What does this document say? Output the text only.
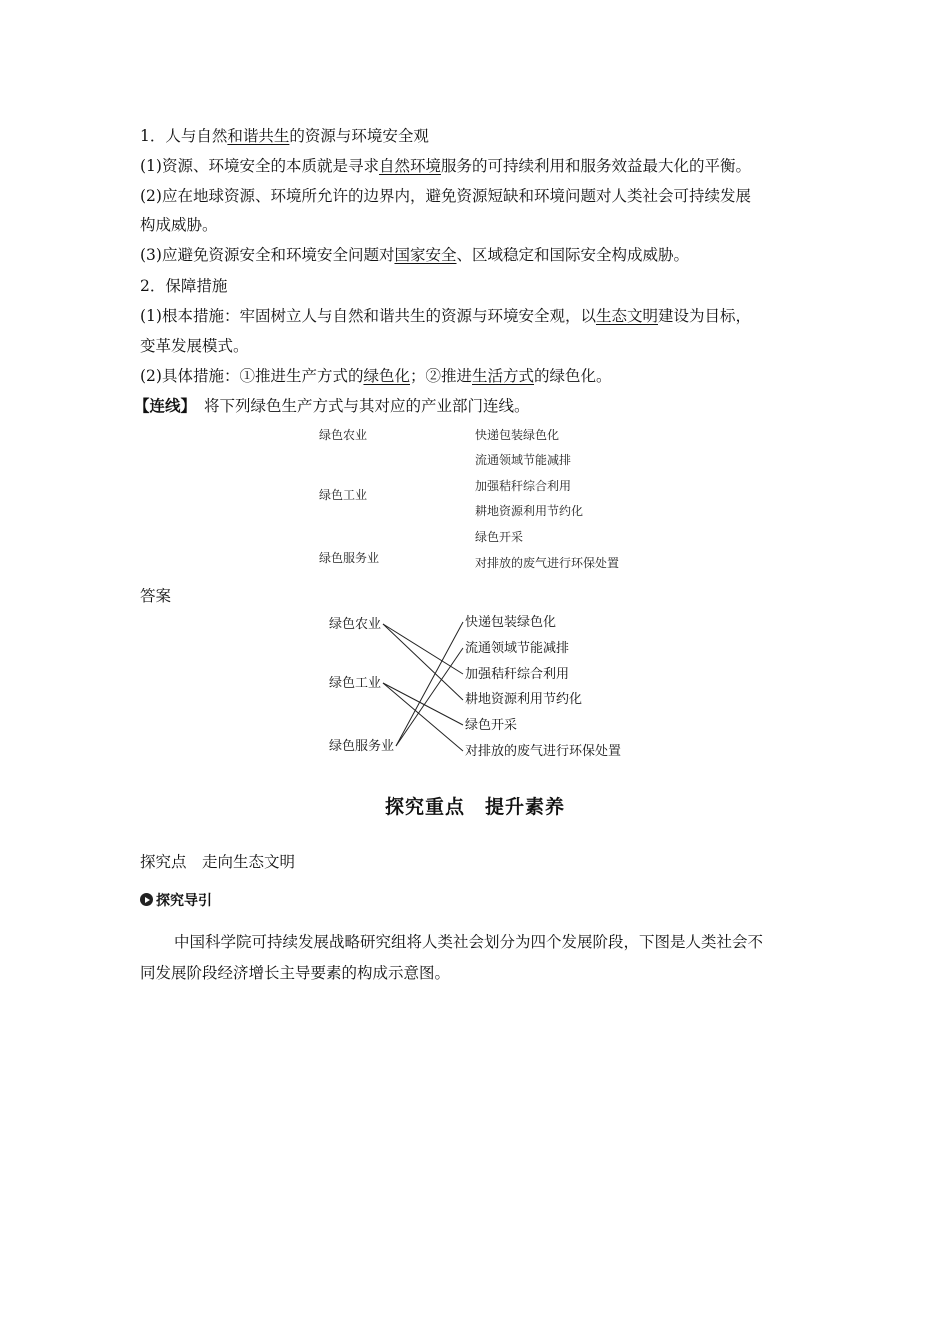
1．人与自然和谐共生的资源与环境安全观
(1)资源、环境安全的本质就是寻求自然环境服务的可持续利用和服务效益最大化的平衡。
(2)应在地球资源、环境所允许的边界内，避免资源短缺和环境问题对人类社会可持续发展
构成威胁。
(3)应避免资源安全和环境安全问题对国家安全、区域稳定和国际安全构成威胁。
2．保障措施
(1)根本措施：牢固树立人与自然和谐共生的资源与环境安全观，以生态文明建设为目标，
变革发展模式。
(2)具体措施：①推进生产方式的绿色化；②推进生活方式的绿色化。
【连线】 将下列绿色生产方式与其对应的产业部门连线。
绿色农业
绿色工业
绿色服务业
快递包装绿色化
流通领域节能减排
加强秸秆综合利用
耕地资源利用节约化
绿色开采
对排放的废气进行环保处置
答案
绿色农业
绿色工业
绿色服务业
快递包装绿色化
流通领域节能减排
加强秸秆综合利用
耕地资源利用节约化
绿色开采
对排放的废气进行环保处置
探究重点　提升素养
探究点　走向生态文明
探究导引
中国科学院可持续发展战略研究组将人类社会划分为四个发展阶段，下图是人类社会不
同发展阶段经济增长主导要素的构成示意图。
